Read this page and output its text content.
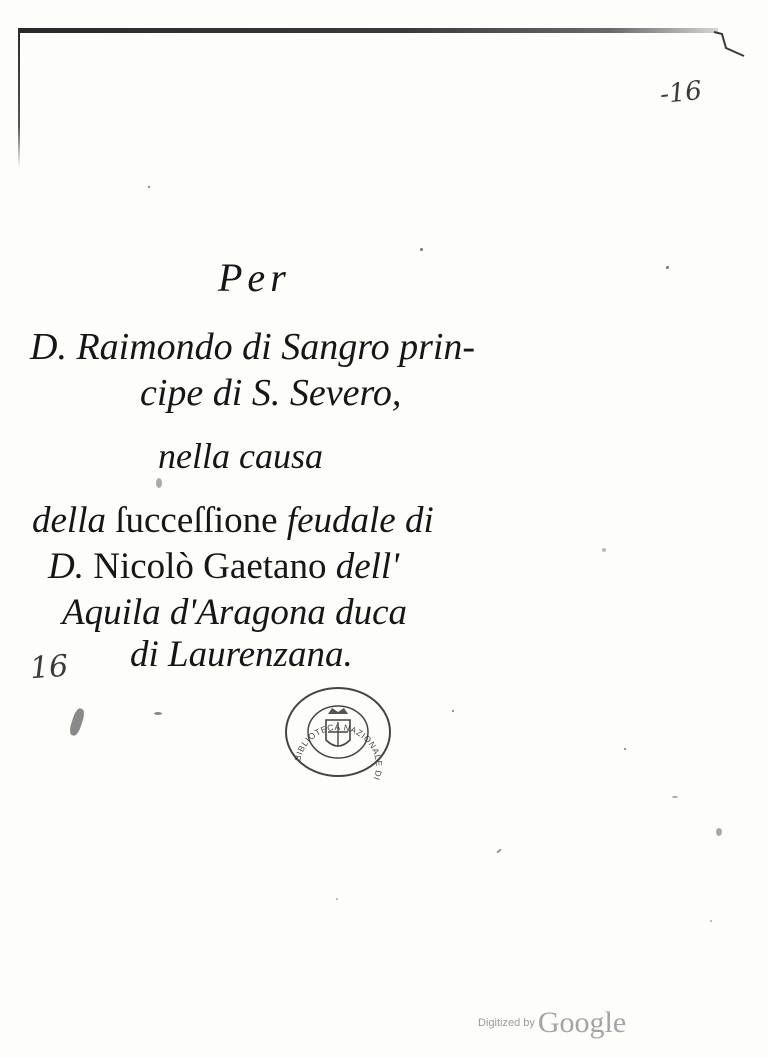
-16
16
Per
D. Raimondo di Sangro prin-
cipe di S. Severo,
nella causa
della ſucceſſione feudale di
D. Nicolò Gaetano dell'
Aquila d'Aragona duca
di Laurenzana.
BIBLIOTECA NAZIONALE DI
Digitized by Google
